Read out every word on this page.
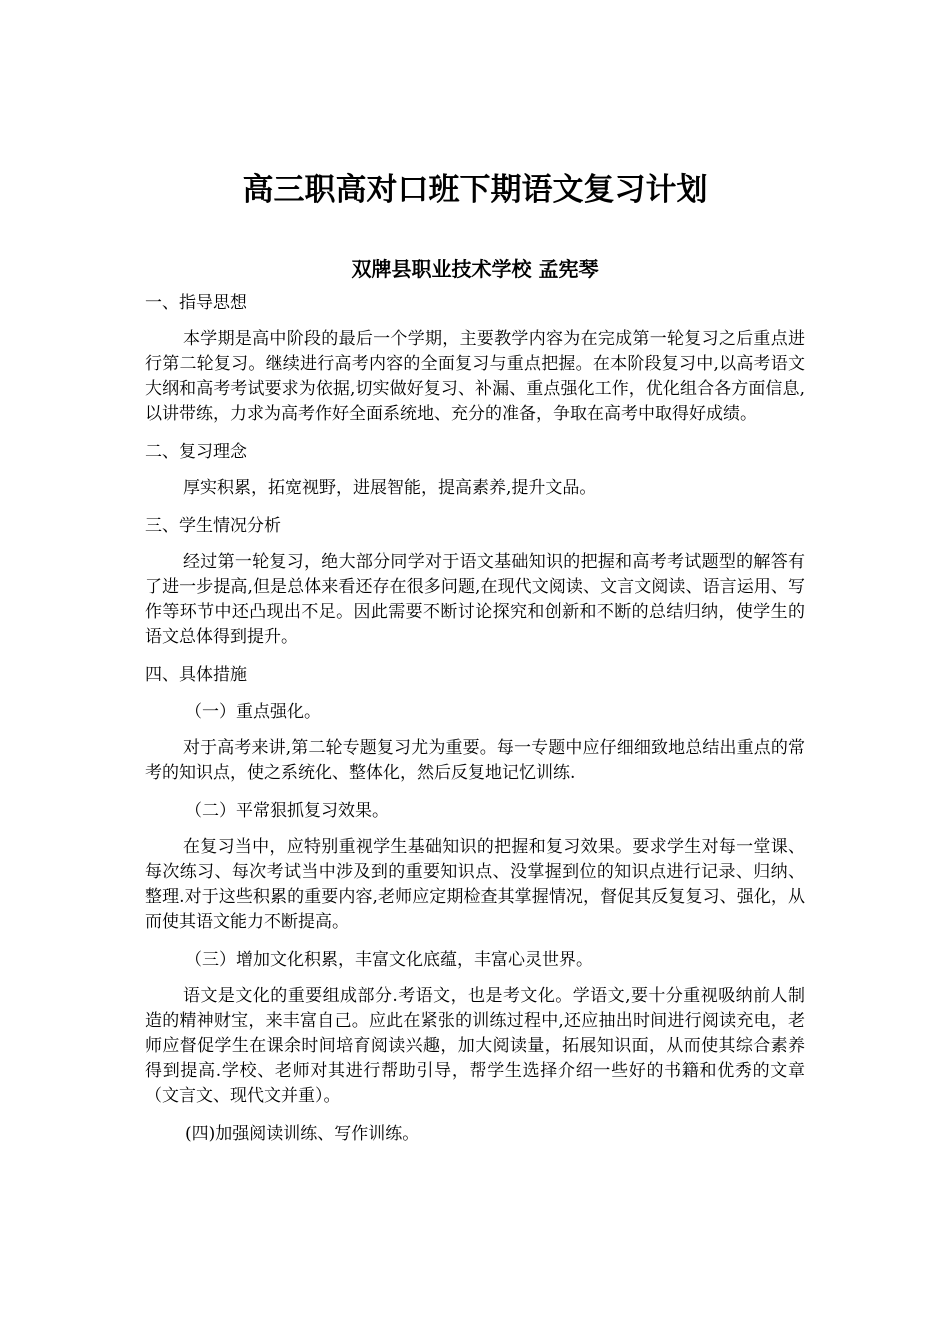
高三职高对口班下期语文复习计划
双牌县职业技术学校 孟宪琴
一、指导思想
本学期是高中阶段的最后一个学期，主要教学内容为在完成第一轮复习之后重点进行第二轮复习。继续进行高考内容的全面复习与重点把握。在本阶段复习中,以高考语文大纲和高考考试要求为依据,切实做好复习、补漏、重点强化工作，优化组合各方面信息,以讲带练，力求为高考作好全面系统地、充分的准备，争取在高考中取得好成绩。
二、复习理念
厚实积累，拓宽视野，进展智能，提高素养,提升文品。
三、学生情况分析
经过第一轮复习，绝大部分同学对于语文基础知识的把握和高考考试题型的解答有了进一步提高,但是总体来看还存在很多问题,在现代文阅读、文言文阅读、语言运用、写作等环节中还凸现出不足。因此需要不断讨论探究和创新和不断的总结归纳，使学生的语文总体得到提升。
四、具体措施
（一）重点强化。
对于高考来讲,第二轮专题复习尤为重要。每一专题中应仔细细致地总结出重点的常考的知识点，使之系统化、整体化，然后反复地记忆训练.
（二）平常狠抓复习效果。
在复习当中，应特别重视学生基础知识的把握和复习效果。要求学生对每一堂课、每次练习、每次考试当中涉及到的重要知识点、没掌握到位的知识点进行记录、归纳、整理.对于这些积累的重要内容,老师应定期检查其掌握情况，督促其反复复习、强化，从而使其语文能力不断提高。
（三）增加文化积累，丰富文化底蕴，丰富心灵世界。
语文是文化的重要组成部分.考语文，也是考文化。学语文,要十分重视吸纳前人制造的精神财宝，来丰富自己。应此在紧张的训练过程中,还应抽出时间进行阅读充电，老师应督促学生在课余时间培育阅读兴趣，加大阅读量，拓展知识面，从而使其综合素养得到提高.学校、老师对其进行帮助引导，帮学生选择介绍一些好的书籍和优秀的文章（文言文、现代文并重）。
(四)加强阅读训练、写作训练。
